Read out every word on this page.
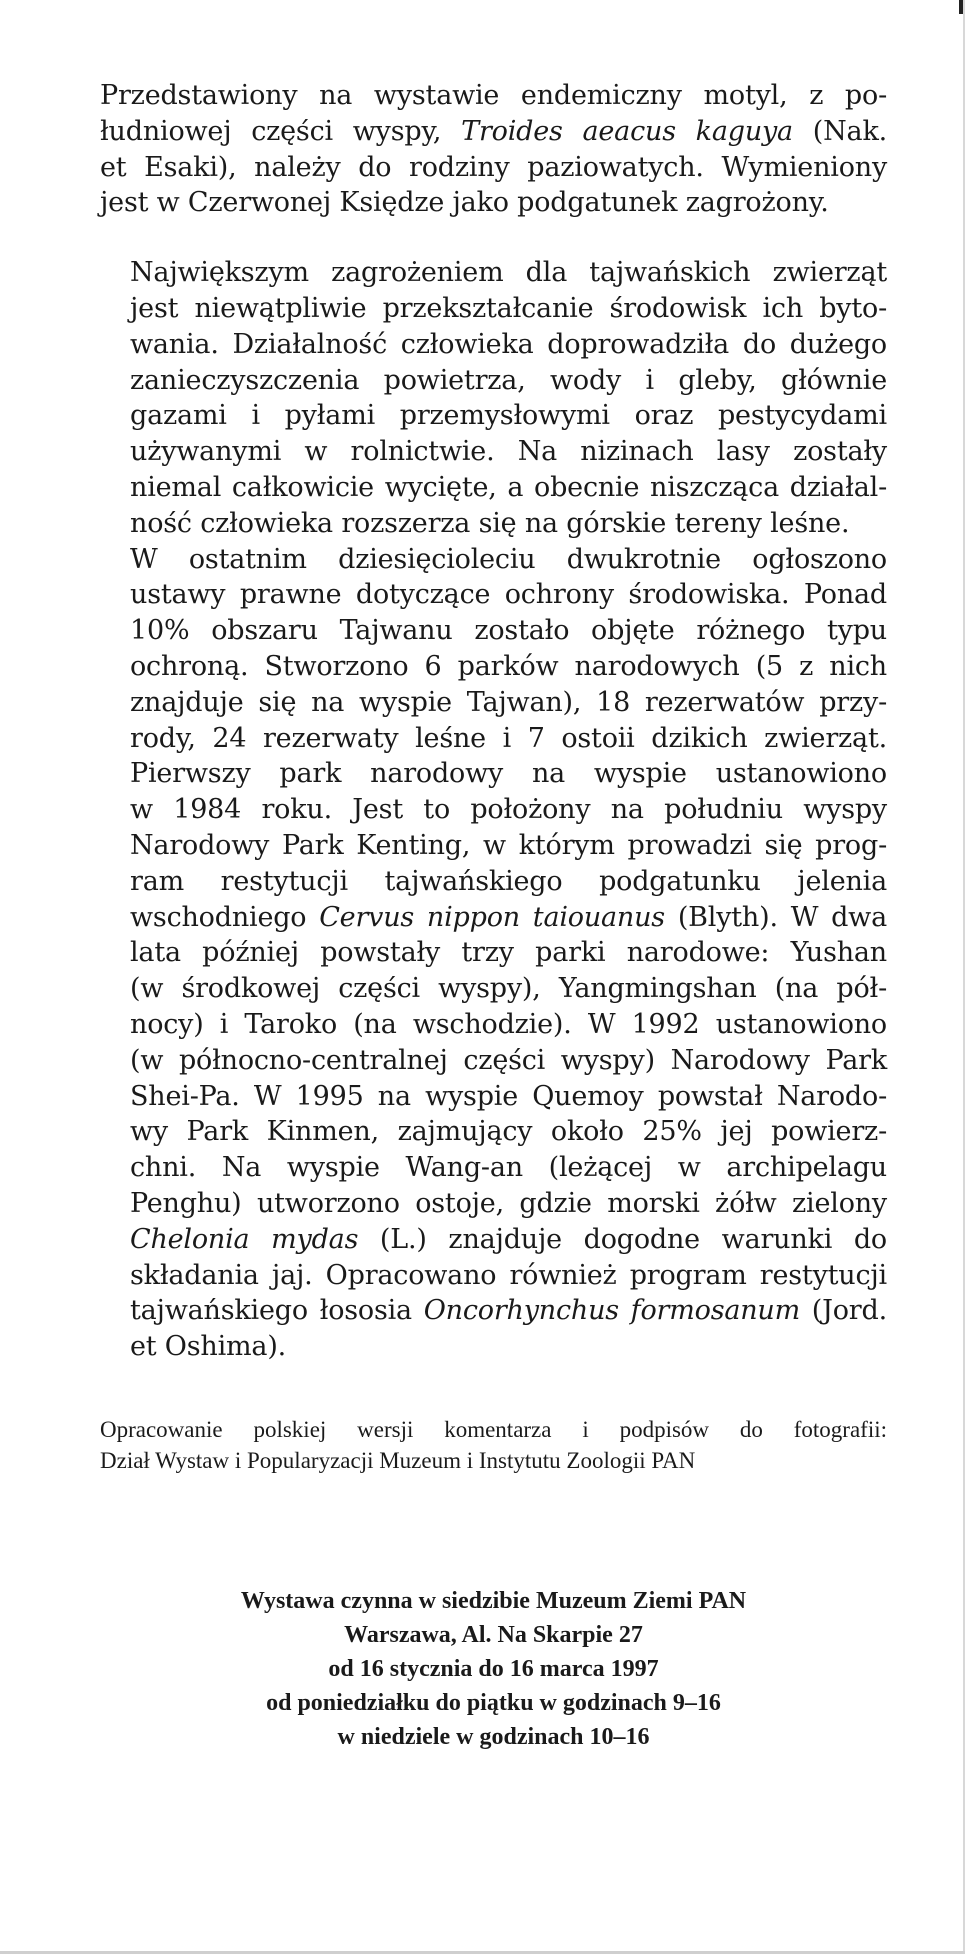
Przedstawiony na wystawie endemiczny motyl, z po-
łudniowej części wyspy, Troides aeacus kaguya (Nak.
et Esaki), należy do rodziny paziowatych. Wymieniony
jest w Czerwonej Księdze jako podgatunek zagrożony.

Największym zagrożeniem dla tajwańskich zwierząt
jest niewątpliwie przekształcanie środowisk ich byto-
wania. Działalność człowieka doprowadziła do dużego
zanieczyszczenia powietrza, wody i gleby, głównie
gazami i pyłami przemysłowymi oraz pestycydami
używanymi w rolnictwie. Na nizinach lasy zostały
niemal całkowicie wycięte, a obecnie niszcząca działal-
ność człowieka rozszerza się na górskie tereny leśne.

W ostatnim dziesięcioleciu dwukrotnie ogłoszono
ustawy prawne dotyczące ochrony środowiska. Ponad
10% obszaru Tajwanu zostało objęte różnego typu
ochroną. Stworzono 6 parków narodowych (5 z nich
znajduje się na wyspie Tajwan), 18 rezerwatów przy-
rody, 24 rezerwaty leśne i 7 ostoii dzikich zwierząt.
Pierwszy park narodowy na wyspie ustanowiono
w 1984 roku. Jest to położony na południu wyspy
Narodowy Park Kenting, w którym prowadzi się prog-
ram restytucji tajwańskiego podgatunku jelenia
wschodniego Cervus nippon taiouanus (Blyth). W dwa
lata później powstały trzy parki narodowe: Yushan
(w środkowej części wyspy), Yangmingshan (na pół-
nocy) i Taroko (na wschodzie). W 1992 ustanowiono
(w północno-centralnej części wyspy) Narodowy Park
Shei-Pa. W 1995 na wyspie Quemoy powstał Narodo-
wy Park Kinmen, zajmujący około 25% jej powierz-
chni. Na wyspie Wang-an (leżącej w archipelagu
Penghu) utworzono ostoje, gdzie morski żółw zielony
Chelonia mydas (L.) znajduje dogodne warunki do
składania jaj. Opracowano również program restytucji
tajwańskiego łososia Oncorhynchus formosanum (Jord.
et Oshima).

Opracowanie polskiej wersji komentarza i podpisów do fotografii:
Dział Wystaw i Popularyzacji Muzeum i Instytutu Zoologii PAN
Wystawa czynna w siedzibie Muzeum Ziemi PAN
Warszawa, Al. Na Skarpie 27
od 16 stycznia do 16 marca 1997
od poniedziałku do piątku w godzinach 9–16
w niedziele w godzinach 10–16
